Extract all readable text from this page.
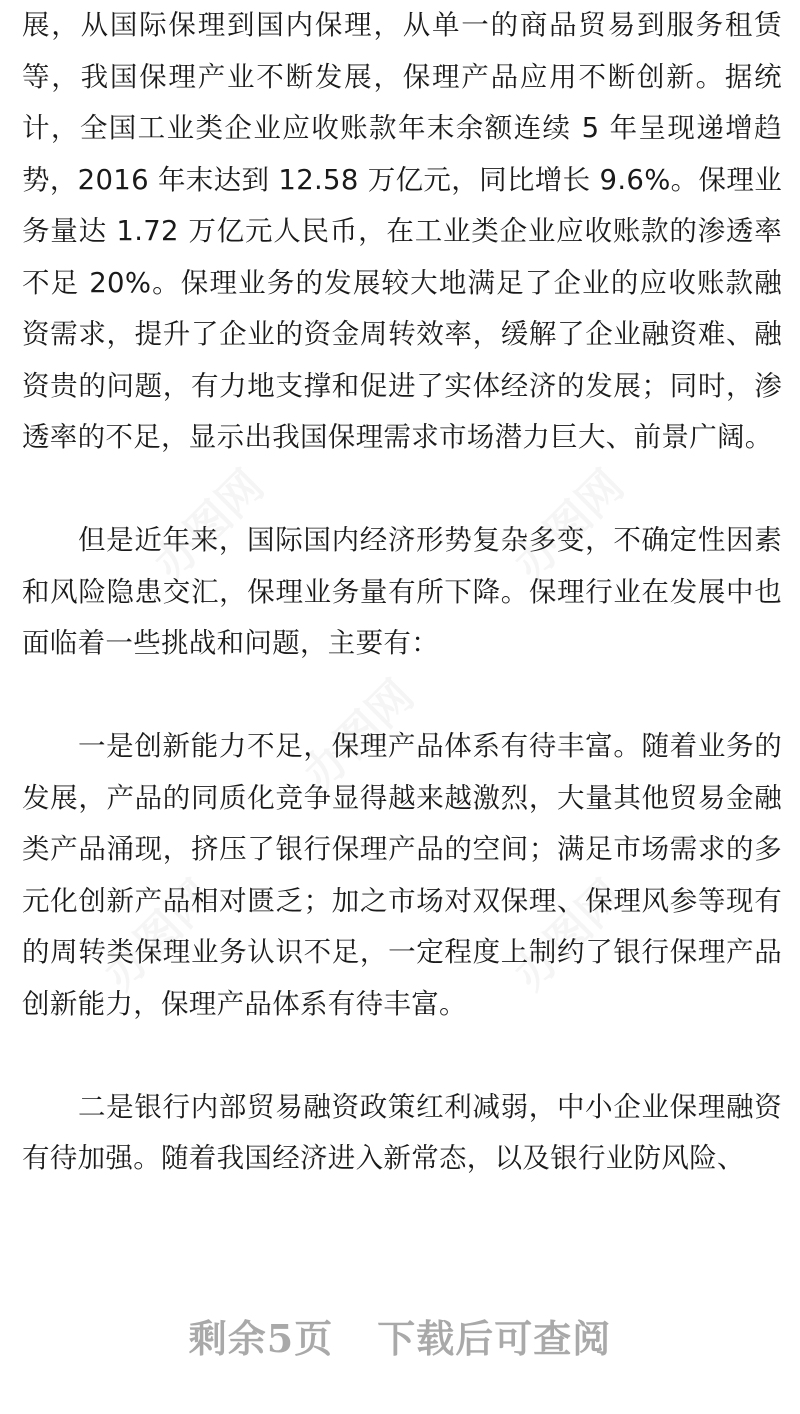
办图网	办图网
办图网
办图网
办图网

展，从国际保理到国内保理，从单一的商品贸易到服务租赁等，我国保理产业不断发展，保理产品应用不断创新。据统计，全国工业类企业应收账款年末余额连续 5 年呈现递增趋势，2016 年末达到 12.58 万亿元，同比增长 9.6%。保理业务量达 1.72 万亿元人民币，在工业类企业应收账款的渗透率不足 20%。保理业务的发展较大地满足了企业的应收账款融资需求，提升了企业的资金周转效率，缓解了企业融资难、融资贵的问题，有力地支撑和促进了实体经济的发展；同时，渗透率的不足，显示出我国保理需求市场潜力巨大、前景广阔。

但是近年来，国际国内经济形势复杂多变，不确定性因素和风险隐患交汇，保理业务量有所下降。保理行业在发展中也面临着一些挑战和问题，主要有：

一是创新能力不足，保理产品体系有待丰富。随着业务的发展，产品的同质化竞争显得越来越激烈，大量其他贸易金融类产品涌现，挤压了银行保理产品的空间；满足市场需求的多元化创新产品相对匮乏；加之市场对双保理、保理风参等现有的周转类保理业务认识不足，一定程度上制约了银行保理产品创新能力，保理产品体系有待丰富。

二是银行内部贸易融资政策红利减弱，中小企业保理融资有待加强。随着我国经济进入新常态，以及银行业防风险、

剩余5页 下载后可查阅
